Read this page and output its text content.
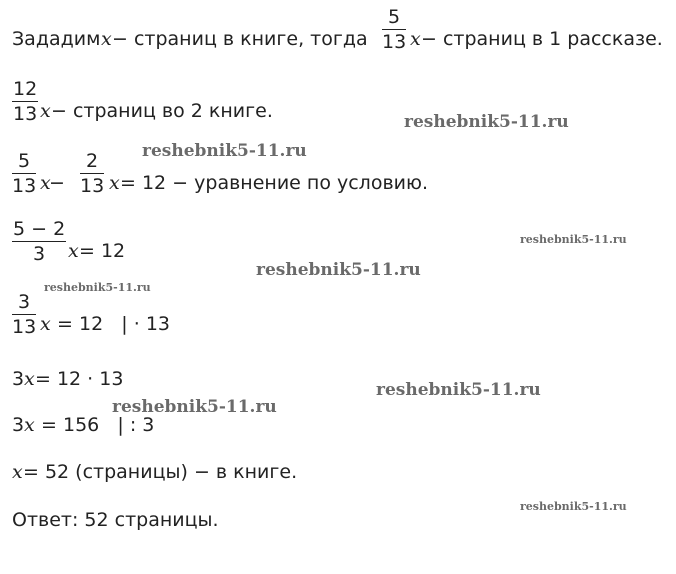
Зададим x − страниц в книге, тогда
5
13 x − страниц в 1 рассказе.
12
13 x − страниц во 2 книге.
5
13 x
−
2
13 x = 12 − уравнение по условию.
5 − 2
3 x = 12
3
13 x = 12   | · 13
3 x = 12 · 13
3 x = 156   | : 3
x = 52 (страницы) − в книге.
Ответ: 52 страницы.
reshebnik5-11.ru
reshebnik5-11.ru
reshebnik5-11.ru
reshebnik5-11.ru
reshebnik5-11.ru
reshebnik5-11.ru
reshebnik5-11.ru
reshebnik5-11.ru
